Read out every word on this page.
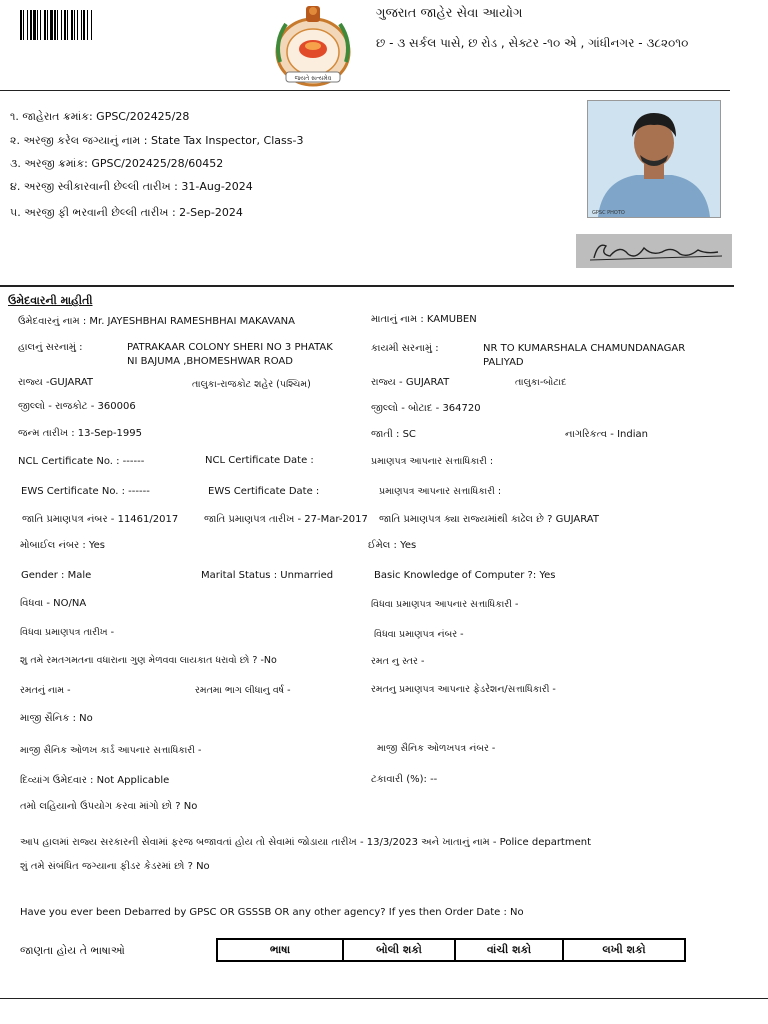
જયતે સત્યમેવ
ગુજરાત જાહેર સેવા આયોગ
છ - ૩ સર્કલ પાસે, છ રોડ , સેક્ટર -૧૦ એ , ગાંધીનગર - ૩૮૨૦૧૦
૧. જાહેરાત ક્રમાંક: GPSC/202425/28
૨. અરજી કરેલ જગ્યાનું નામ : State Tax Inspector, Class-3
૩. અરજી ક્રમાંક: GPSC/202425/28/60452
૪. અરજી સ્વીકારવાની છેલ્લી તારીખ : 31-Aug-2024
૫. અરજી ફી ભરવાની છેલ્લી તારીખ : 2-Sep-2024	GPSC PHOTO
ઉમેદવારની માહીતી
ઉમેદવારનું નામ : Mr. JAYESHBHAI RAMESHBHAI MAKAVANA	માતાનું નામ : KAMUBEN
હાલનું સરનામું :	PATRAKAAR COLONY SHERI NO 3 PHATAK
NI BAJUMA ,BHOMESHWAR ROAD
કાયમી સરનામું :	NR TO KUMARSHALA CHAMUNDANAGAR
PALIYAD
રાજ્ય -GUJARAT	તાલુકા-રાજકોટ શહેર (પશ્ચિમ)	રાજ્ય - GUJARAT	તાલુકા-બોટાદ
જીલ્લો - રાજકોટ - 360006	જીલ્લો - બોટાદ - 364720
જન્મ તારીખ : 13-Sep-1995	જાતી : SC	નાગરિકત્વ - Indian
NCL Certificate No. : ------	NCL Certificate Date :	પ્રમાણપત્ર આપનાર સત્તાધિકારી :
EWS Certificate No. : ------	EWS Certificate Date :	પ્રમાણપત્ર આપનાર સત્તાધિકારી :
જાતિ પ્રમાણપત્ર નંબર - 11461/2017	જાતિ પ્રમાણપત્ર તારીખ - 27-Mar-2017 જાતિ પ્રમાણપત્ર ક્યા રાજ્યમાંથી કાઢેલ છે ? GUJARAT
મોબાઈલ નંબર : Yes	ઈમેલ : Yes
Gender : Male	Marital Status : Unmarried	Basic Knowledge of Computer ?: Yes
વિધવા - NO/NA	વિધવા પ્રમાણપત્ર આપનાર સત્તાધિકારી -
વિધવા પ્રમાણપત્ર તારીખ -	વિધવા પ્રમાણપત્ર નંબર -
શુ તમે રમતગમતના વધારાના ગુણ મેળવવા લાયકાત ધરાવો છો ? -No	રમત નુ સ્તર -
રમતનું નામ -	રમતમા ભાગ લીધાનુ વર્ષ -	રમતનુ પ્રમાણપત્ર આપનાર ફેડરેશન/સત્તાધિકારી -
માજી સૈનિક : No
માજી સૈનિક ઓળખ કાર્ડ આપનાર સત્તાધિકારી -	માજી સૈનિક ઓળખપત્ર નંબર -
દિવ્યાંગ ઉમેદવાર : Not Applicable	ટકાવારી (%): --
તમો લહિયાનો ઉપયોગ કરવા માંગો છો ? No
આપ હાલમાં રાજ્ય સરકારની સેવામાં ફરજ બજાવતાં હોય તો સેવામાં જોડાયા તારીખ - 13/3/2023 અને ખાતાનું નામ - Police department
શું તમે સંબંધિત જગ્યાના ફીડર કેડરમાં છો ? No
Have you ever been Debarred by GPSC OR GSSSB OR any other agency? If yes then Order Date : No
જાણતા હોય તે ભાષાઓ	ભાષા	બોલી શકો	વાંચી શકો	લખી શકો
